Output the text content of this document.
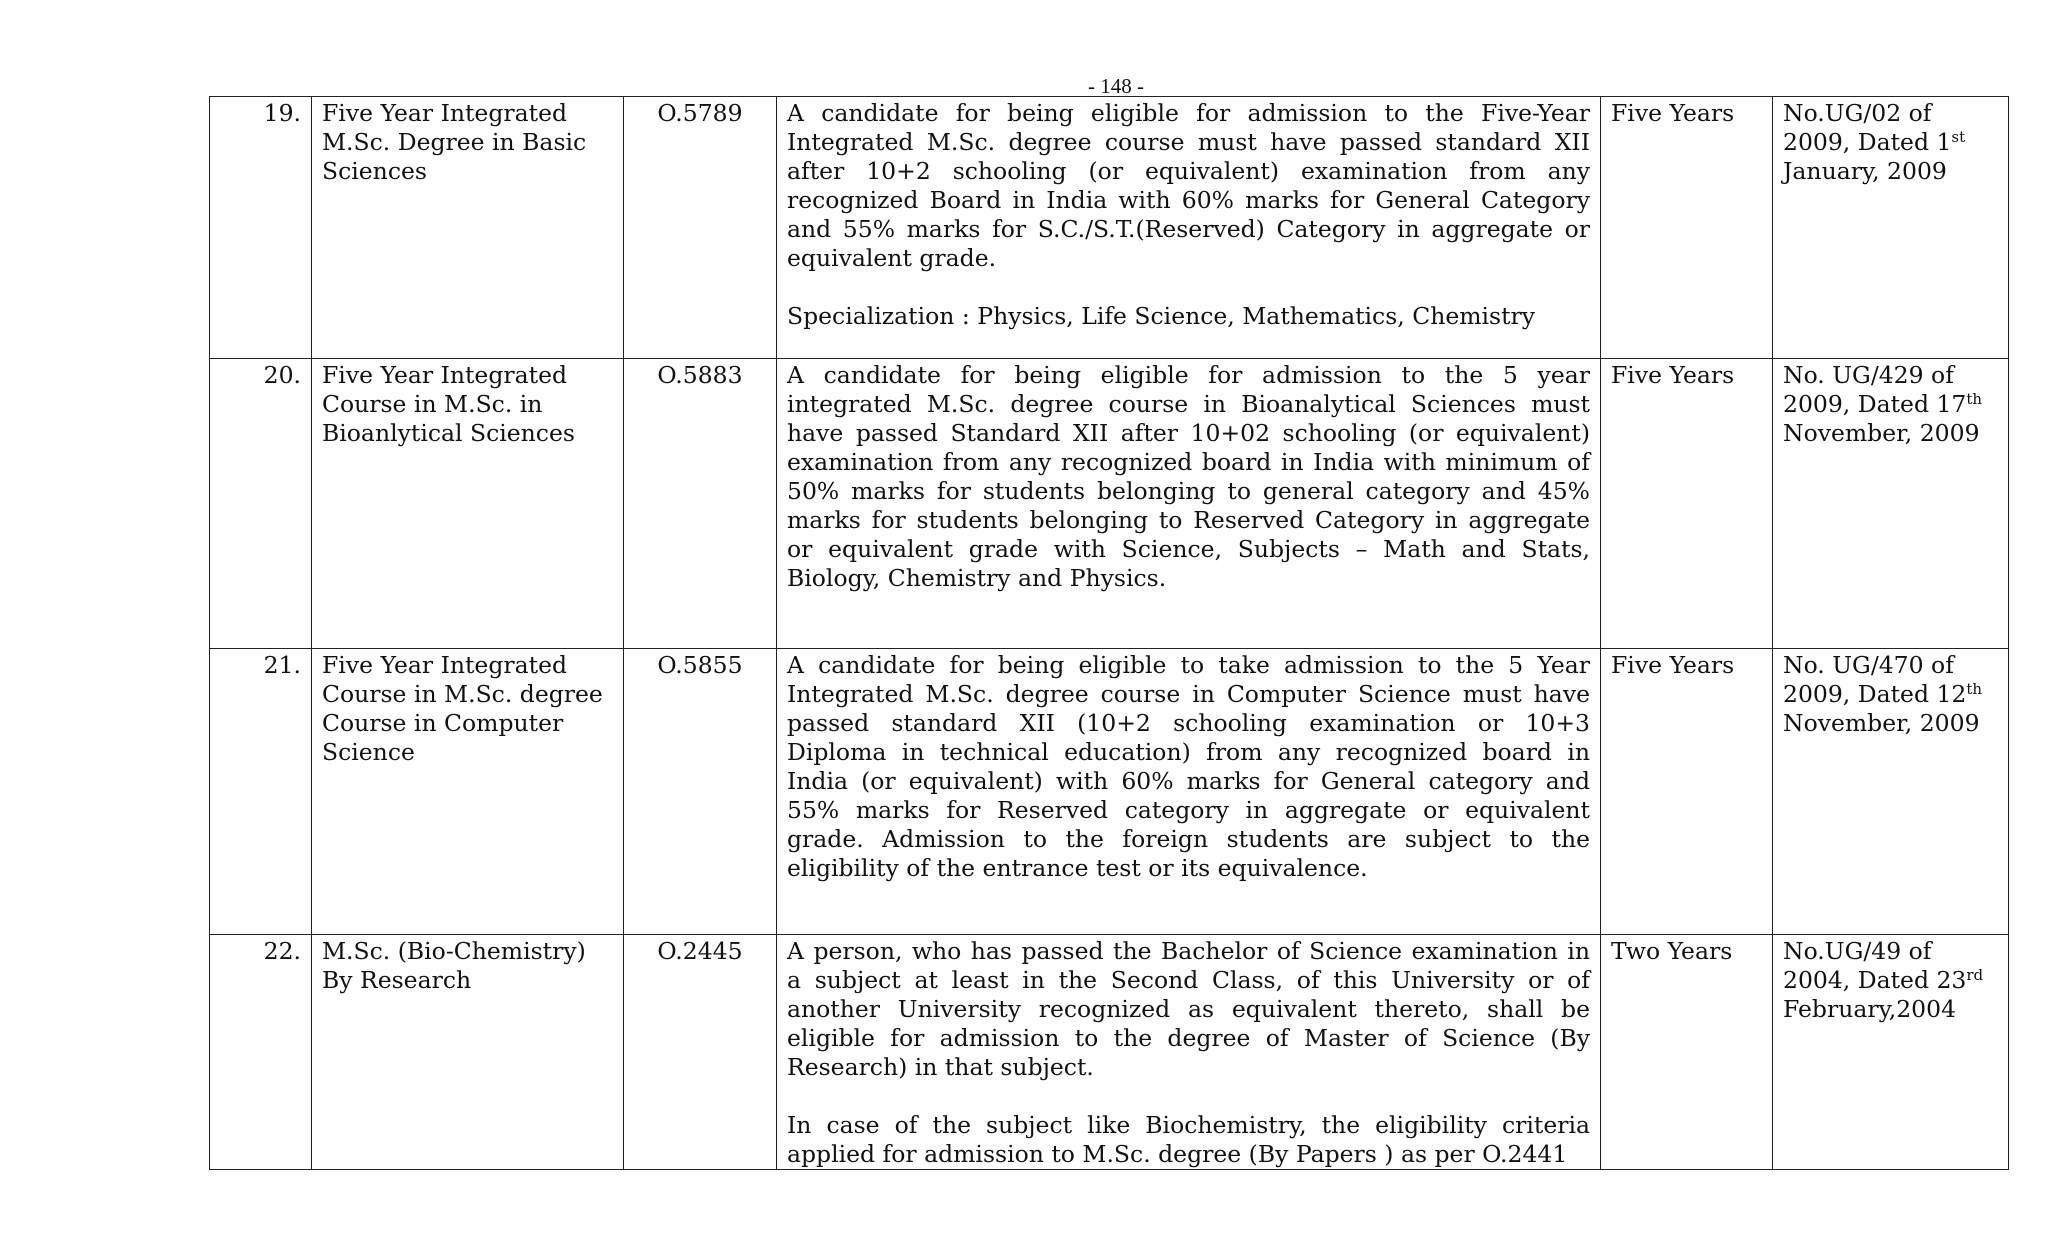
- 148 -
19.	Five Year Integrated M.Sc. Degree in Basic Sciences	O.5789	A candidate for being eligible for admission to the Five-Year Integrated M.Sc. degree course must have passed standard XII after 10+2 schooling (or equivalent) examination from any recognized Board in India with 60% marks for General Category and 55% marks for S.C./S.T.(Reserved) Category in aggregate or equivalent grade.

Specialization : Physics, Life Science, Mathematics, Chemistry	Five Years	No.UG/02 of 2009, Dated 1st January, 2009
20.	Five Year Integrated Course in M.Sc. in Bioanlytical Sciences	O.5883	A candidate for being eligible for admission to the 5 year integrated M.Sc. degree course in Bioanalytical Sciences must have passed Standard XII after 10+02 schooling (or equivalent) examination from any recognized board in India with minimum of 50% marks for students belonging to general category and 45% marks for students belonging to Reserved Category in aggregate or equivalent grade with Science, Subjects – Math and Stats, Biology, Chemistry and Physics.	Five Years	No. UG/429 of 2009, Dated 17th November, 2009
21.	Five Year Integrated Course in M.Sc. degree Course in Computer Science	O.5855	A candidate for being eligible to take admission to the 5 Year Integrated M.Sc. degree course in Computer Science must have passed standard XII (10+2 schooling examination or 10+3 Diploma in technical education) from any recognized board in India (or equivalent) with 60% marks for General category and 55% marks for Reserved category in aggregate or equivalent grade. Admission to the foreign students are subject to the eligibility of the entrance test or its equivalence.	Five Years	No. UG/470 of 2009, Dated 12th November, 2009
22.	M.Sc. (Bio-Chemistry) By Research	O.2445	A person, who has passed the Bachelor of Science examination in a subject at least in the Second Class, of this University or of another University recognized as equivalent thereto, shall be eligible for admission to the degree of Master of Science (By Research) in that subject.

In case of the subject like Biochemistry, the eligibility criteria applied for admission to M.Sc. degree (By Papers ) as per O.2441	Two Years	No.UG/49 of 2004, Dated 23rd February,2004
